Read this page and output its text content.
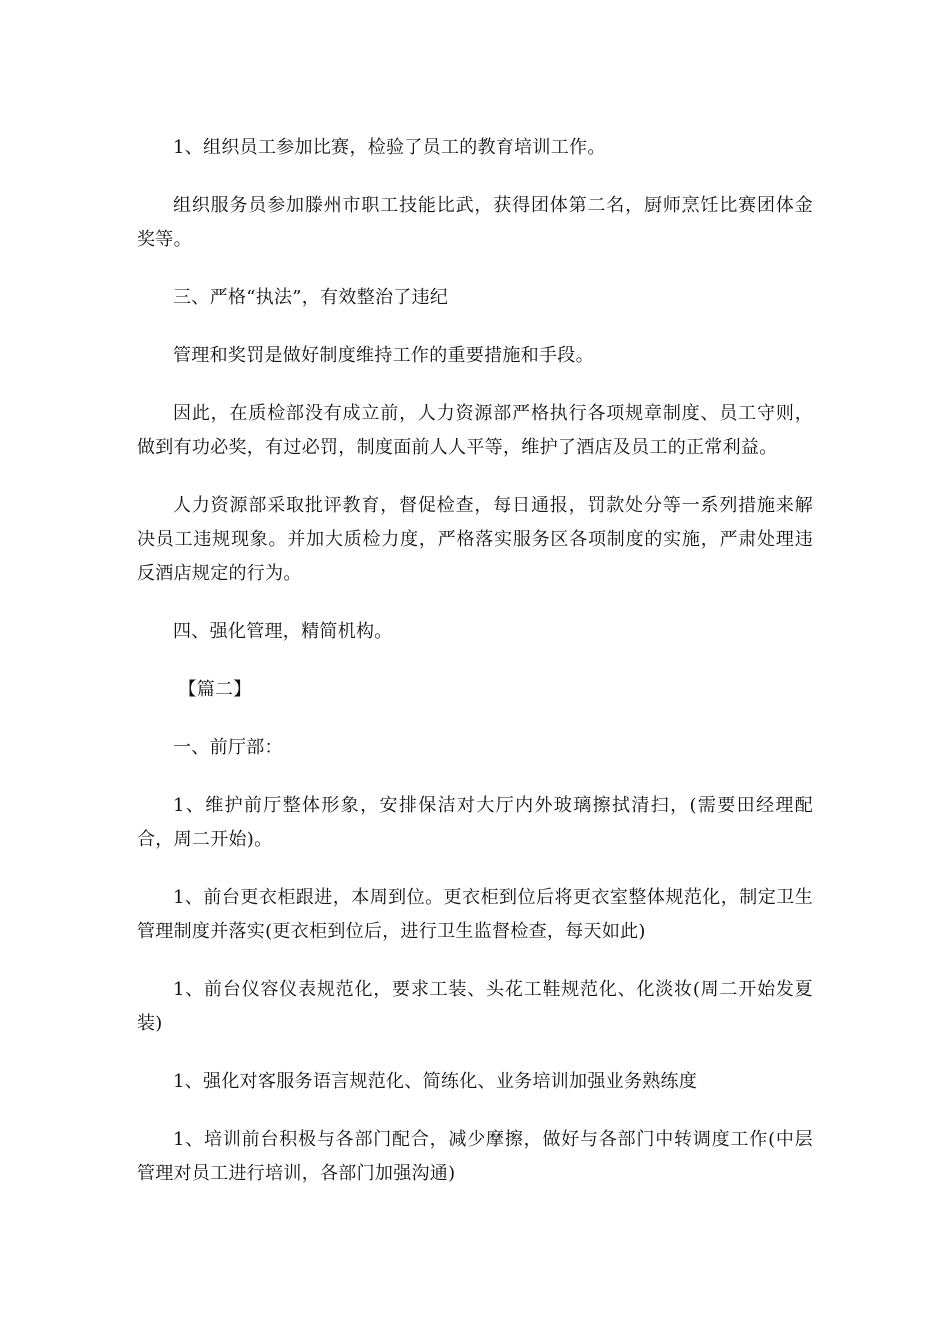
1、组织员工参加比赛，检验了员工的教育培训工作。

组织服务员参加滕州市职工技能比武，获得团体第二名，厨师烹饪比赛团体金奖等。

三、严格“执法”，有效整治了违纪

管理和奖罚是做好制度维持工作的重要措施和手段。

因此，在质检部没有成立前，人力资源部严格执行各项规章制度、员工守则，做到有功必奖，有过必罚，制度面前人人平等，维护了酒店及员工的正常利益。

人力资源部采取批评教育，督促检查，每日通报，罚款处分等一系列措施来解决员工违规现象。并加大质检力度，严格落实服务区各项制度的实施，严肃处理违反酒店规定的行为。

四、强化管理，精简机构。

【篇二】

一、前厅部：

1、维护前厅整体形象，安排保洁对大厅内外玻璃擦拭清扫，(需要田经理配合，周二开始)。

1、前台更衣柜跟进，本周到位。更衣柜到位后将更衣室整体规范化，制定卫生管理制度并落实(更衣柜到位后，进行卫生监督检查，每天如此)

1、前台仪容仪表规范化，要求工装、头花工鞋规范化、化淡妆(周二开始发夏装)

1、强化对客服务语言规范化、简练化、业务培训加强业务熟练度

1、培训前台积极与各部门配合，减少摩擦，做好与各部门中转调度工作(中层管理对员工进行培训，各部门加强沟通)
